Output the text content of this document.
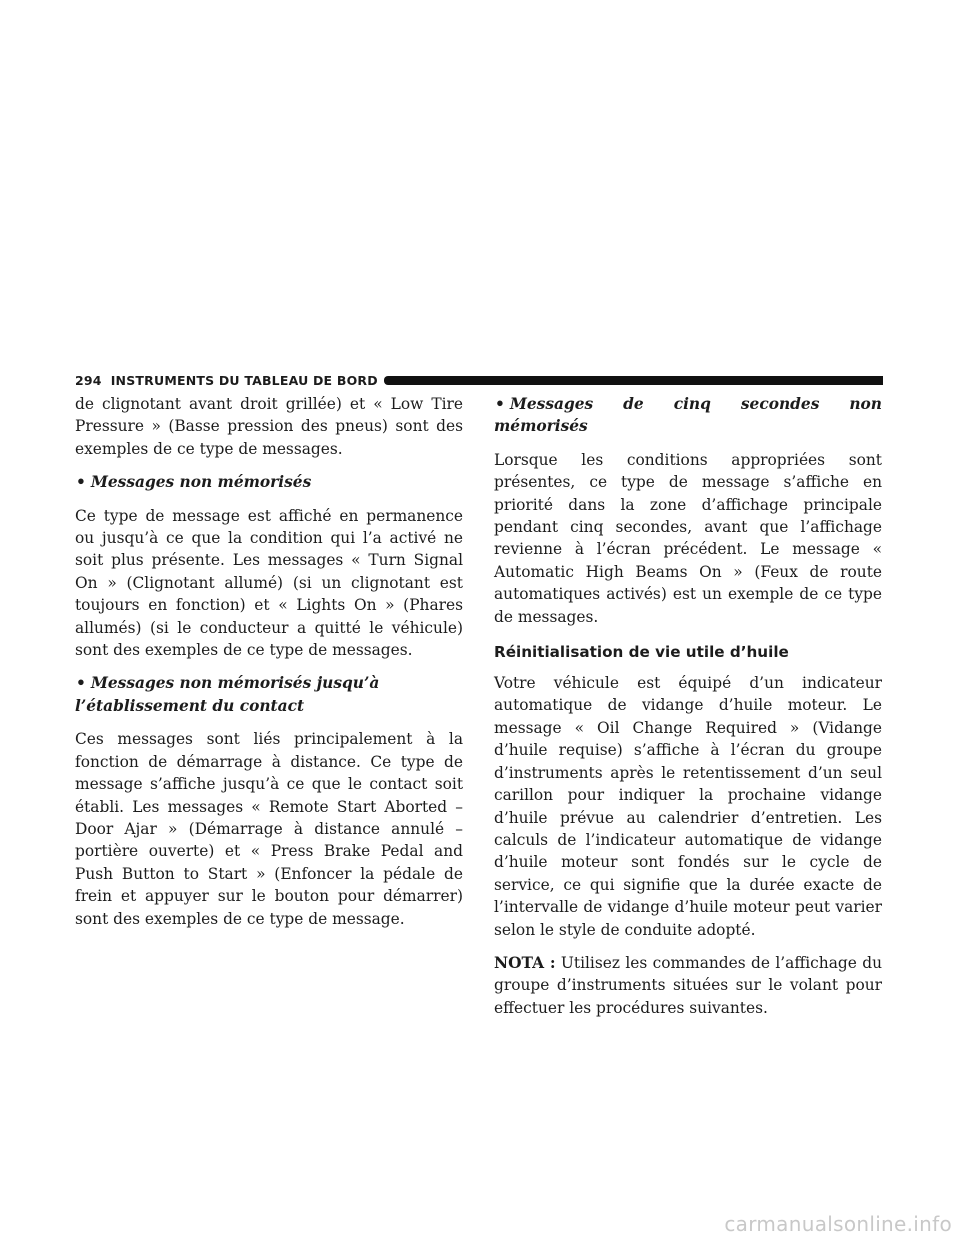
294 INSTRUMENTS DU TABLEAU DE BORD

de clignotant avant droit grillée) et « Low Tire Pressure » (Basse pression des pneus) sont des exemples de ce type de messages.

• Messages non mémorisés

Ce type de message est affiché en permanence ou jusqu’à ce que la condition qui l’a activé ne soit plus présente. Les messages « Turn Signal On » (Clignotant allumé) (si un clignotant est toujours en fonction) et « Lights On » (Phares allumés) (si le conducteur a quitté le véhicule) sont des exemples de ce type de messages.

• Messages non mémorisés jusqu’à l’établissement du contact

Ces messages sont liés principalement à la fonction de démarrage à distance. Ce type de message s’affiche jusqu’à ce que le contact soit établi. Les messages « Remote Start Aborted – Door Ajar » (Démarrage à distance annulé – portière ouverte) et « Press Brake Pedal and Push Button to Start » (Enfoncer la pédale de frein et appuyer sur le bouton pour démarrer) sont des exemples de ce type de message.

• Messages de cinq secondes non mémorisés

Lorsque les conditions appropriées sont présentes, ce type de message s’affiche en priorité dans la zone d’affichage principale pendant cinq secondes, avant que l’affichage revienne à l’écran précédent. Le message « Automatic High Beams On » (Feux de route automatiques activés) est un exemple de ce type de messages.

Réinitialisation de vie utile d’huile

Votre véhicule est équipé d’un indicateur automatique de vidange d’huile moteur. Le message « Oil Change Required » (Vidange d’huile requise) s’affiche à l’écran du groupe d’instruments après le retentissement d’un seul carillon pour indiquer la prochaine vidange d’huile prévue au calendrier d’entretien. Les calculs de l’indicateur automatique de vidange d’huile moteur sont fondés sur le cycle de service, ce qui signifie que la durée exacte de l’intervalle de vidange d’huile moteur peut varier selon le style de conduite adopté.

NOTA : Utilisez les commandes de l’affichage du groupe d’instruments situées sur le volant pour effectuer les procédures suivantes.

carmanualsonline.info
